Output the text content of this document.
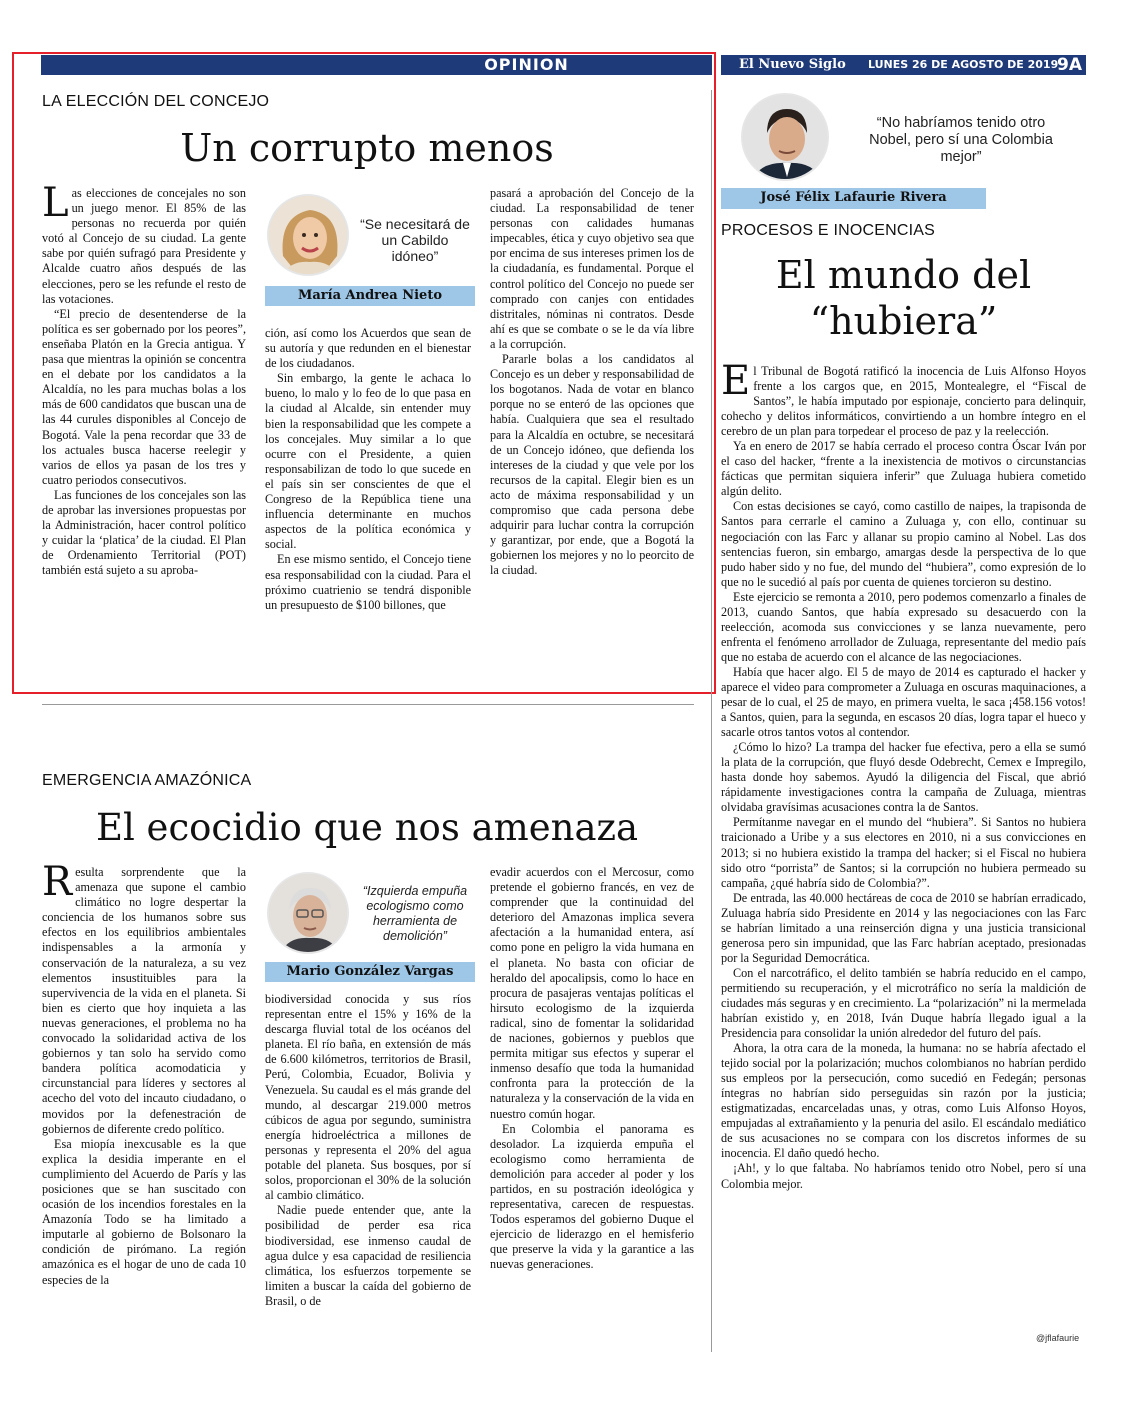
OPINION	El Nuevo Siglo LUNES 26 DE AGOSTO DE 2019
9A
LA ELECCIÓN DEL CONCEJO
Un corrupto menos

Las elecciones de concejales no son un juego menor. El 85% de las personas no recuerda por quién votó al Concejo de su ciudad. La gente sabe por quién sufragó para Presidente y Alcalde cuatro años después de las elecciones, pero se les refunde el resto de las votaciones.

“El precio de desentenderse de la política es ser gobernado por los peores”, enseñaba Platón en la Grecia antigua. Y pasa que mientras la opinión se concentra en el debate por los candidatos a la Alcaldía, no les para muchas bolas a los más de 600 candidatos que buscan una de las 44 curules disponibles al Concejo de Bogotá. Vale la pena recordar que 33 de los actuales busca hacerse reelegir y varios de ellos ya pasan de los tres y cuatro periodos consecutivos.

Las funciones de los concejales son las de aprobar las inversiones propuestas por la Administración, hacer control político y cuidar la ‘platica’ de la ciudad. El Plan de Ordenamiento Territorial (POT) también está sujeto a su aproba-

“Se necesitará de un Cabildo idóneo”
María Andrea Nieto

ción, así como los Acuerdos que sean de su autoría y que redunden en el bienestar de los ciudadanos.

Sin embargo, la gente le achaca lo bueno, lo malo y lo feo de lo que pasa en la ciudad al Alcalde, sin entender muy bien la responsabilidad que les compete a los concejales. Muy similar a lo que ocurre con el Presidente, a quien responsabilizan de todo lo que sucede en el país sin ser conscientes de que el Congreso de la República tiene una influencia determinante en muchos aspectos de la política económica y social.

En ese mismo sentido, el Concejo tiene esa responsabilidad con la ciudad. Para el próximo cuatrienio se tendrá disponible un presupuesto de $100 billones, que

pasará a aprobación del Concejo de la ciudad. La responsabilidad de tener personas con calidades humanas impecables, ética y cuyo objetivo sea que por encima de sus intereses primen los de la ciudadanía, es fundamental. Porque el control político del Concejo no puede ser comprado con canjes con entidades distritales, nóminas ni contratos. Desde ahí es que se combate o se le da vía libre a la corrupción.

Pararle bolas a los candidatos al Concejo es un deber y responsabilidad de los bogotanos. Nada de votar en blanco porque no se enteró de las opciones que había. Cualquiera que sea el resultado para la Alcaldía en octubre, se necesitará de un Concejo idóneo, que defienda los intereses de la ciudad y que vele por los recursos de la capital. Elegir bien es un acto de máxima responsabilidad y un compromiso que cada persona debe adquirir para luchar contra la corrupción y garantizar, por ende, que a Bogotá la gobiernen los mejores y no lo peorcito de la ciudad.

EMERGENCIA AMAZÓNICA
El ecocidio que nos amenaza

Resulta sorprendente que la amenaza que supone el cambio climático no logre despertar la conciencia de los humanos sobre sus efectos en los equilibrios ambientales indispensables a la armonía y conservación de la naturaleza, a su vez elementos insustituibles para la supervivencia de la vida en el planeta. Si bien es cierto que hoy inquieta a las nuevas generaciones, el problema no ha convocado la solidaridad activa de los gobiernos y tan solo ha servido como bandera política acomodaticia y circunstancial para líderes y sectores al acecho del voto del incauto ciudadano, o movidos por la defenestración de gobiernos de diferente credo político.

Esa miopía inexcusable es la que explica la desidia imperante en el cumplimiento del Acuerdo de París y las posiciones que se han suscitado con ocasión de los incendios forestales en la Amazonía Todo se ha limitado a imputarle al gobierno de Bolsonaro la condición de pirómano. La región amazónica es el hogar de uno de cada 10 especies de la

“Izquierda empuña ecologismo como herramienta de demolición”
Mario González Vargas

biodiversidad conocida y sus ríos representan entre el 15% y 16% de la descarga fluvial total de los océanos del planeta. El río baña, en extensión de más de 6.600 kilómetros, territorios de Brasil, Perú, Colombia, Ecuador, Bolivia y Venezuela. Su caudal es el más grande del mundo, al descargar 219.000 metros cúbicos de agua por segundo, suministra energía hidroeléctrica a millones de personas y representa el 20% del agua potable del planeta. Sus bosques, por sí solos, proporcionan el 30% de la solución al cambio climático.

Nadie puede entender que, ante la posibilidad de perder esa rica biodiversidad, ese inmenso caudal de agua dulce y esa capacidad de resiliencia climática, los esfuerzos torpemente se limiten a buscar la caída del gobierno de Brasil, o de

evadir acuerdos con el Mercosur, como pretende el gobierno francés, en vez de comprender que la continuidad del deterioro del Amazonas implica severa afectación a la humanidad entera, así como pone en peligro la vida humana en el planeta. No basta con oficiar de heraldo del apocalipsis, como lo hace en procura de pasajeras ventajas políticas el hirsuto ecologismo de la izquierda radical, sino de fomentar la solidaridad de naciones, gobiernos y pueblos que permita mitigar sus efectos y superar el inmenso desafío que toda la humanidad confronta para la protección de la naturaleza y la conservación de la vida en nuestro común hogar.

En Colombia el panorama es desolador. La izquierda empuña el ecologismo como herramienta de demolición para acceder al poder y los partidos, en su postración ideológica y representativa, carecen de respuestas. Todos esperamos del gobierno Duque el ejercicio de liderazgo en el hemisferio que preserve la vida y la garantice a las nuevas generaciones.

“No habríamos tenido otro Nobel, pero sí una Colombia mejor”
José Félix Lafaurie Rivera
PROCESOS E INOCENCIAS
El mundo del
“hubiera”

El Tribunal de Bogotá ratificó la inocencia de Luis Alfonso Hoyos frente a los cargos que, en 2015, Montealegre, el “Fiscal de Santos”, le había imputado por espionaje, concierto para delinquir, cohecho y delitos informáticos, convirtiendo a un hombre íntegro en el cerebro de un plan para torpedear el proceso de paz y la reelección.

Ya en enero de 2017 se había cerrado el proceso contra Óscar Iván por el caso del hacker, “frente a la inexistencia de motivos o circunstancias fácticas que permitan siquiera inferir” que Zuluaga hubiera cometido algún delito.

Con estas decisiones se cayó, como castillo de naipes, la trapisonda de Santos para cerrarle el camino a Zuluaga y, con ello, continuar su negociación con las Farc y allanar su propio camino al Nobel. Las dos sentencias fueron, sin embargo, amargas desde la perspectiva de lo que pudo haber sido y no fue, del mundo del “hubiera”, como expresión de lo que no le sucedió al país por cuenta de quienes torcieron su destino.

Este ejercicio se remonta a 2010, pero podemos comenzarlo a finales de 2013, cuando Santos, que había expresado su desacuerdo con la reelección, acomoda sus convicciones y se lanza nuevamente, pero enfrenta el fenómeno arrollador de Zuluaga, representante del medio país que no estaba de acuerdo con el alcance de las negociaciones.

Había que hacer algo. El 5 de mayo de 2014 es capturado el hacker y aparece el video para comprometer a Zuluaga en oscuras maquinaciones, a pesar de lo cual, el 25 de mayo, en primera vuelta, le saca ¡458.156 votos! a Santos, quien, para la segunda, en escasos 20 días, logra tapar el hueco y sacarle otros tantos votos al contendor.

¿Cómo lo hizo? La trampa del hacker fue efectiva, pero a ella se sumó la plata de la corrupción, que fluyó desde Odebrecht, Cemex e Impregilo, hasta donde hoy sabemos. Ayudó la diligencia del Fiscal, que abrió rápidamente investigaciones contra la campaña de Zuluaga, mientras olvidaba gravísimas acusaciones contra la de Santos.

Permítanme navegar en el mundo del “hubiera”. Si Santos no hubiera traicionado a Uribe y a sus electores en 2010, ni a sus convicciones en 2013; si no hubiera existido la trampa del hacker; si el Fiscal no hubiera sido otro “porrista” de Santos; si la corrupción no hubiera permeado su campaña, ¿qué habría sido de Colombia?”.

De entrada, las 40.000 hectáreas de coca de 2010 se habrían erradicado, Zuluaga habría sido Presidente en 2014 y las negociaciones con las Farc se habrían limitado a una reinserción digna y una justicia transicional generosa pero sin impunidad, que las Farc habrían aceptado, presionadas por la Seguridad Democrática.

Con el narcotráfico, el delito también se habría reducido en el campo, permitiendo su recuperación, y el microtráfico no sería la maldición de ciudades más seguras y en crecimiento. La “polarización” ni la mermelada habrían existido y, en 2018, Iván Duque habría llegado igual a la Presidencia para consolidar la unión alrededor del futuro del país.

Ahora, la otra cara de la moneda, la humana: no se habría afectado el tejido social por la polarización; muchos colombianos no habrían perdido sus empleos por la persecución, como sucedió en Fedegán; personas íntegras no habrían sido perseguidas sin razón por la justicia; estigmatizadas, encarceladas unas, y otras, como Luis Alfonso Hoyos, empujadas al extrañamiento y la penuria del asilo. El escándalo mediático de sus acusaciones no se compara con los discretos informes de su inocencia. El daño quedó hecho.

¡Ah!, y lo que faltaba. No habríamos tenido otro Nobel, pero sí una Colombia mejor.

@jflafaurie
